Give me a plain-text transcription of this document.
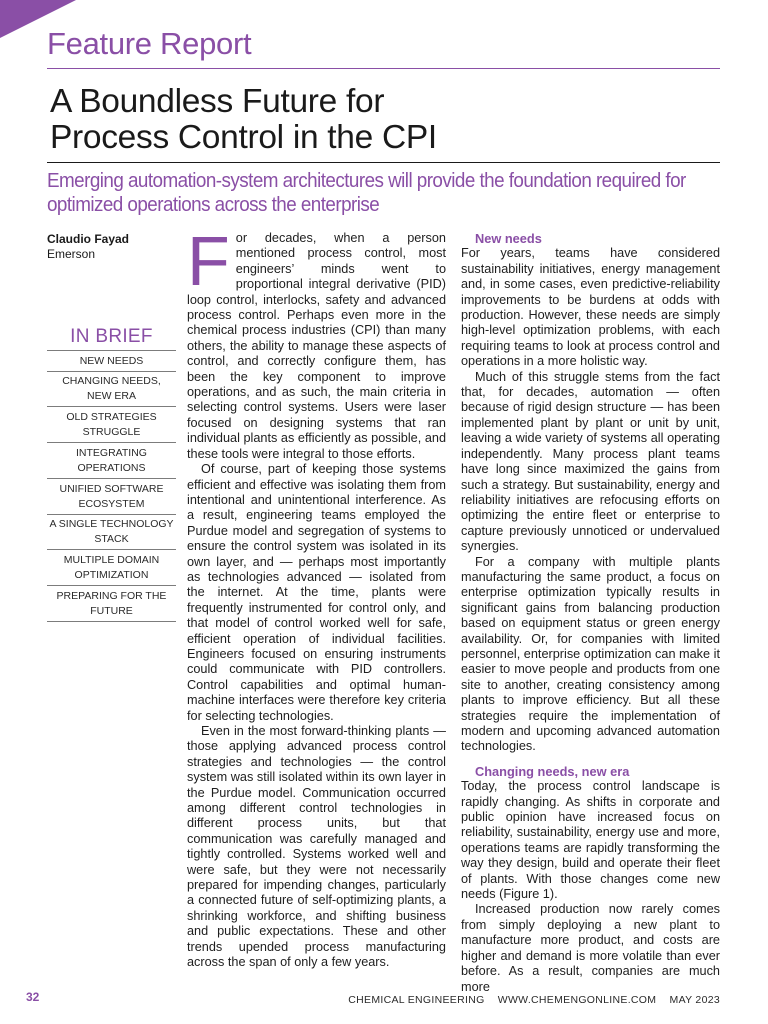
Feature Report
A Boundless Future for
Process Control in the CPI
Emerging automation-system architectures will provide the foundation required for
optimized operations across the enterprise
Claudio Fayad
Emerson
IN BRIEF
NEW NEEDS
CHANGING NEEDS, NEW ERA
OLD STRATEGIES STRUGGLE
INTEGRATING OPERATIONS
UNIFIED SOFTWARE ECOSYSTEM
A SINGLE TECHNOLOGY STACK
MULTIPLE DOMAIN OPTIMIZATION
PREPARING FOR THE FUTURE
F or decades, when a person mentioned process control, most engineers’ minds went to proportional integral derivative (PID) loop control, interlocks, safety and advanced process control. Perhaps even more in the chemical process industries (CPI) than many others, the ability to manage these aspects of control, and correctly configure them, has been the key component to improve operations, and as such, the main criteria in selecting control systems. Users were laser focused on designing systems that ran individual plants as efficiently as possible, and these tools were integral to those efforts.

Of course, part of keeping those systems efficient and effective was isolating them from intentional and unintentional interference. As a result, engineering teams employed the Purdue model and segregation of systems to ensure the control system was isolated in its own layer, and — perhaps most importantly as technologies advanced — isolated from the internet. At the time, plants were frequently instrumented for control only, and that model of control worked well for safe, efficient operation of individual facilities. Engineers focused on ensuring instruments could communicate with PID controllers. Control capabilities and optimal human-machine interfaces were therefore key criteria for selecting technologies.

Even in the most forward-thinking plants — those applying advanced process control strategies and technologies — the control system was still isolated within its own layer in the Purdue model. Communication occurred among different control technologies in different process units, but that communication was carefully managed and tightly controlled. Systems worked well and were safe, but they were not necessarily prepared for impending changes, particularly a connected future of self-optimizing plants, a shrinking workforce, and shifting business and public expectations. These and other trends upended process manufacturing across the span of only a few years.

New needs

For years, teams have considered sustainability initiatives, energy management and, in some cases, even predictive-reliability improvements to be burdens at odds with production. However, these needs are simply high-level optimization problems, with each requiring teams to look at process control and operations in a more holistic way.

Much of this struggle stems from the fact that, for decades, automation — often because of rigid design structure — has been implemented plant by plant or unit by unit, leaving a wide variety of systems all operating independently. Many process plant teams have long since maximized the gains from such a strategy. But sustainability, energy and reliability initiatives are refocusing efforts on optimizing the entire fleet or enterprise to capture previously unnoticed or undervalued synergies.

For a company with multiple plants manufacturing the same product, a focus on enterprise optimization typically results in significant gains from balancing production based on equipment status or green energy availability. Or, for companies with limited personnel, enterprise optimization can make it easier to move people and products from one site to another, creating consistency among plants to improve efficiency. But all these strategies require the implementation of modern and upcoming advanced automation technologies.

Changing needs, new era

Today, the process control landscape is rapidly changing. As shifts in corporate and public opinion have increased focus on reliability, sustainability, energy use and more, operations teams are rapidly transforming the way they design, build and operate their fleet of plants. With those changes come new needs (Figure 1).

Increased production now rarely comes from simply deploying a new plant to manufacture more product, and costs are higher and demand is more volatile than ever before. As a result, companies are much more

32	CHEMICAL ENGINEERING WWW.CHEMENGONLINE.COM MAY 2023
